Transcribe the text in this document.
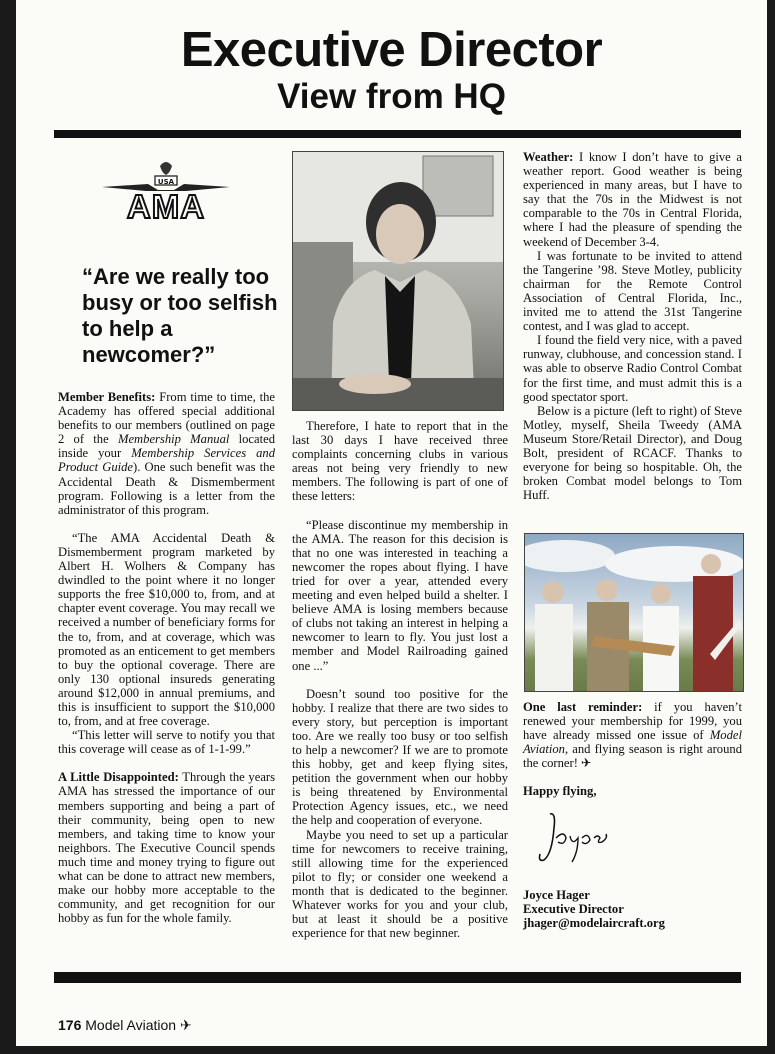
Executive Director
View from HQ
USA
AMA
“Are we really too busy or too selfish to help a newcomer?”

Member Benefits: From time to time, the Academy has offered special additional benefits to our members (outlined on page 2 of the Membership Manual located inside your Membership Services and Product Guide). One such benefit was the Accidental Death & Dismemberment program. Following is a letter from the administrator of this program.

“The AMA Accidental Death & Dismemberment program marketed by Albert H. Wolhers & Company has dwindled to the point where it no longer supports the free $10,000 to, from, and at chapter event coverage. You may recall we received a number of beneficiary forms for the to, from, and at coverage, which was promoted as an enticement to get members to buy the optional coverage. There are only 130 optional insureds generating around $12,000 in annual premiums, and this is insufficient to support the $10,000 to, from, and at free coverage.

“This letter will serve to notify you that this coverage will cease as of 1-1-99.”

A Little Disappointed: Through the years AMA has stressed the importance of our members supporting and being a part of their community, being open to new members, and taking time to know your neighbors. The Executive Council spends much time and money trying to figure out what can be done to attract new members, make our hobby more acceptable to the community, and get recognition for our hobby as fun for the whole family.

Therefore, I hate to report that in the last 30 days I have received three complaints concerning clubs in various areas not being very friendly to new members. The following is part of one of these letters:

“Please discontinue my membership in the AMA. The reason for this decision is that no one was interested in teaching a newcomer the ropes about flying. I have tried for over a year, attended every meeting and even helped build a shelter. I believe AMA is losing members because of clubs not taking an interest in helping a newcomer to learn to fly. You just lost a member and Model Railroading gained one ...”

Doesn’t sound too positive for the hobby. I realize that there are two sides to every story, but perception is important too. Are we really too busy or too selfish to help a newcomer? If we are to promote this hobby, get and keep flying sites, petition the government when our hobby is being threatened by Environmental Protection Agency issues, etc., we need the help and cooperation of everyone.

Maybe you need to set up a particular time for newcomers to receive training, still allowing time for the experienced pilot to fly; or consider one weekend a month that is dedicated to the beginner. Whatever works for you and your club, but at least it should be a positive experience for that new beginner.

Weather: I know I don’t have to give a weather report. Good weather is being experienced in many areas, but I have to say that the 70s in the Midwest is not comparable to the 70s in Central Florida, where I had the pleasure of spending the weekend of December 3-4.

I was fortunate to be invited to attend the Tangerine ’98. Steve Motley, publicity chairman for the Remote Control Association of Central Florida, Inc., invited me to attend the 31st Tangerine contest, and I was glad to accept.

I found the field very nice, with a paved runway, clubhouse, and concession stand. I was able to observe Radio Control Combat for the first time, and must admit this is a good spectator sport.

Below is a picture (left to right) of Steve Motley, myself, Sheila Tweedy (AMA Museum Store/Retail Director), and Doug Bolt, president of RCACF. Thanks to everyone for being so hospitable. Oh, the broken Combat model belongs to Tom Huff.

One last reminder: if you haven’t renewed your membership for 1999, you have already missed one issue of Model Aviation, and flying season is right around the corner! ✈

Happy flying,

Joyce Hager
Executive Director
jhager@modelaircraft.org
176 Model Aviation ✈
